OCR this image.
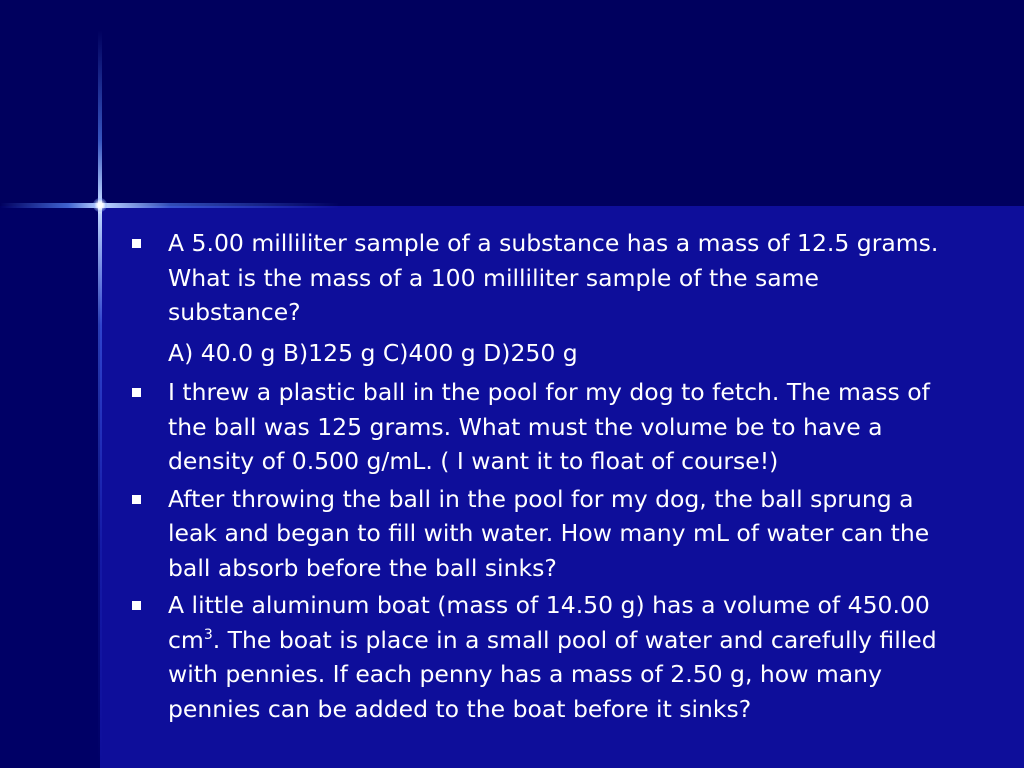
A 5.00 milliliter sample of a substance has a mass of 12.5 grams. What is the mass of a 100 milliliter sample of the same substance?
A) 40.0 g B)125 g C)400 g D)250 g
I threw a plastic ball in the pool for my dog to fetch. The mass of the ball was 125 grams. What must the volume be to have a density of 0.500 g/mL. ( I want it to float of course!)
After throwing the ball in the pool for my dog, the ball sprung a leak and began to fill with water. How many mL of water can the ball absorb before the ball sinks?
A little aluminum boat (mass of 14.50 g) has a volume of 450.00 $cm^3$. The boat is place in a small pool of water and carefully filled with pennies. If each penny has a mass of 2.50 g, how many pennies can be added to the boat before it sinks?
